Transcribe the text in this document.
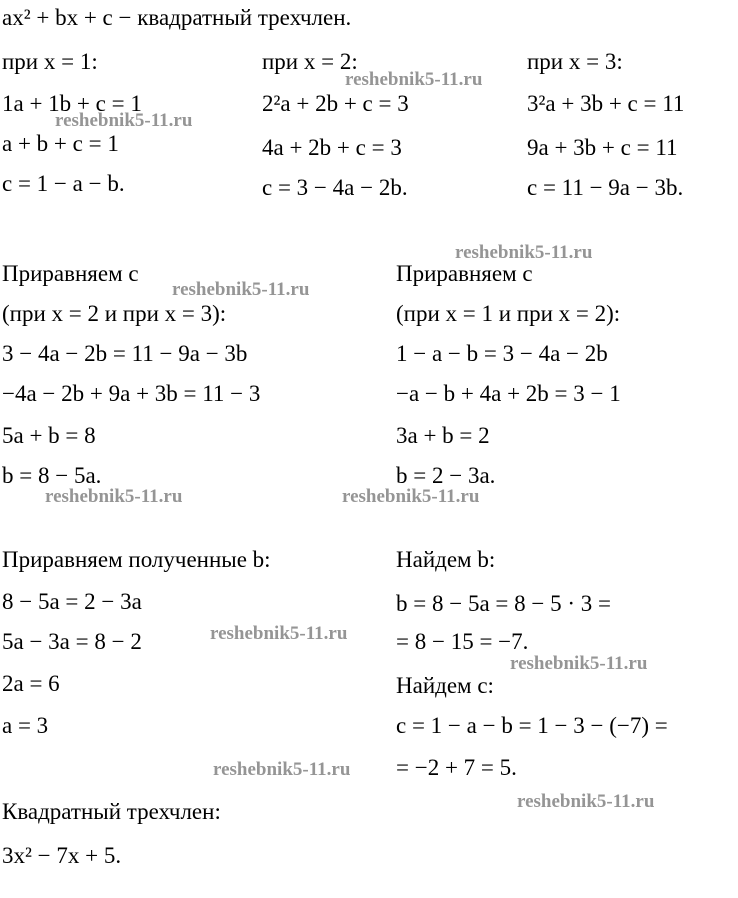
ax² + bx + c − квадратный трехчлен.
при x = 1:
1a + 1b + c = 1
a + b + c = 1
c = 1 − a − b.
при x = 2:
2²a + 2b + c = 3
4a + 2b + c = 3
c = 3 − 4a − 2b.
при x = 3:
3²a + 3b + c = 11
9a + 3b + c = 11
c = 11 − 9a − 3b.
Приравняем c
(при x = 2 и при x = 3):
3 − 4a − 2b = 11 − 9a − 3b
−4a − 2b + 9a + 3b = 11 − 3
5a + b = 8
b = 8 − 5a.
Приравняем c
(при x = 1 и при x = 2):
1 − a − b = 3 − 4a − 2b
−a − b + 4a + 2b = 3 − 1
3a + b = 2
b = 2 − 3a.
Приравняем полученные b:
8 − 5a = 2 − 3a
5a − 3a = 8 − 2
2a = 6
a = 3
Найдем b:
b = 8 − 5a = 8 − 5 · 3 =
= 8 − 15 = −7.
Найдем c:
c = 1 − a − b = 1 − 3 − (−7) =
= −2 + 7 = 5.
Квадратный трехчлен:
3x² − 7x + 5.
reshebnik5-11.ru
reshebnik5-11.ru
reshebnik5-11.ru
reshebnik5-11.ru
reshebnik5-11.ru	reshebnik5-11.ru
reshebnik5-11.ru
reshebnik5-11.ru
reshebnik5-11.ru
reshebnik5-11.ru
